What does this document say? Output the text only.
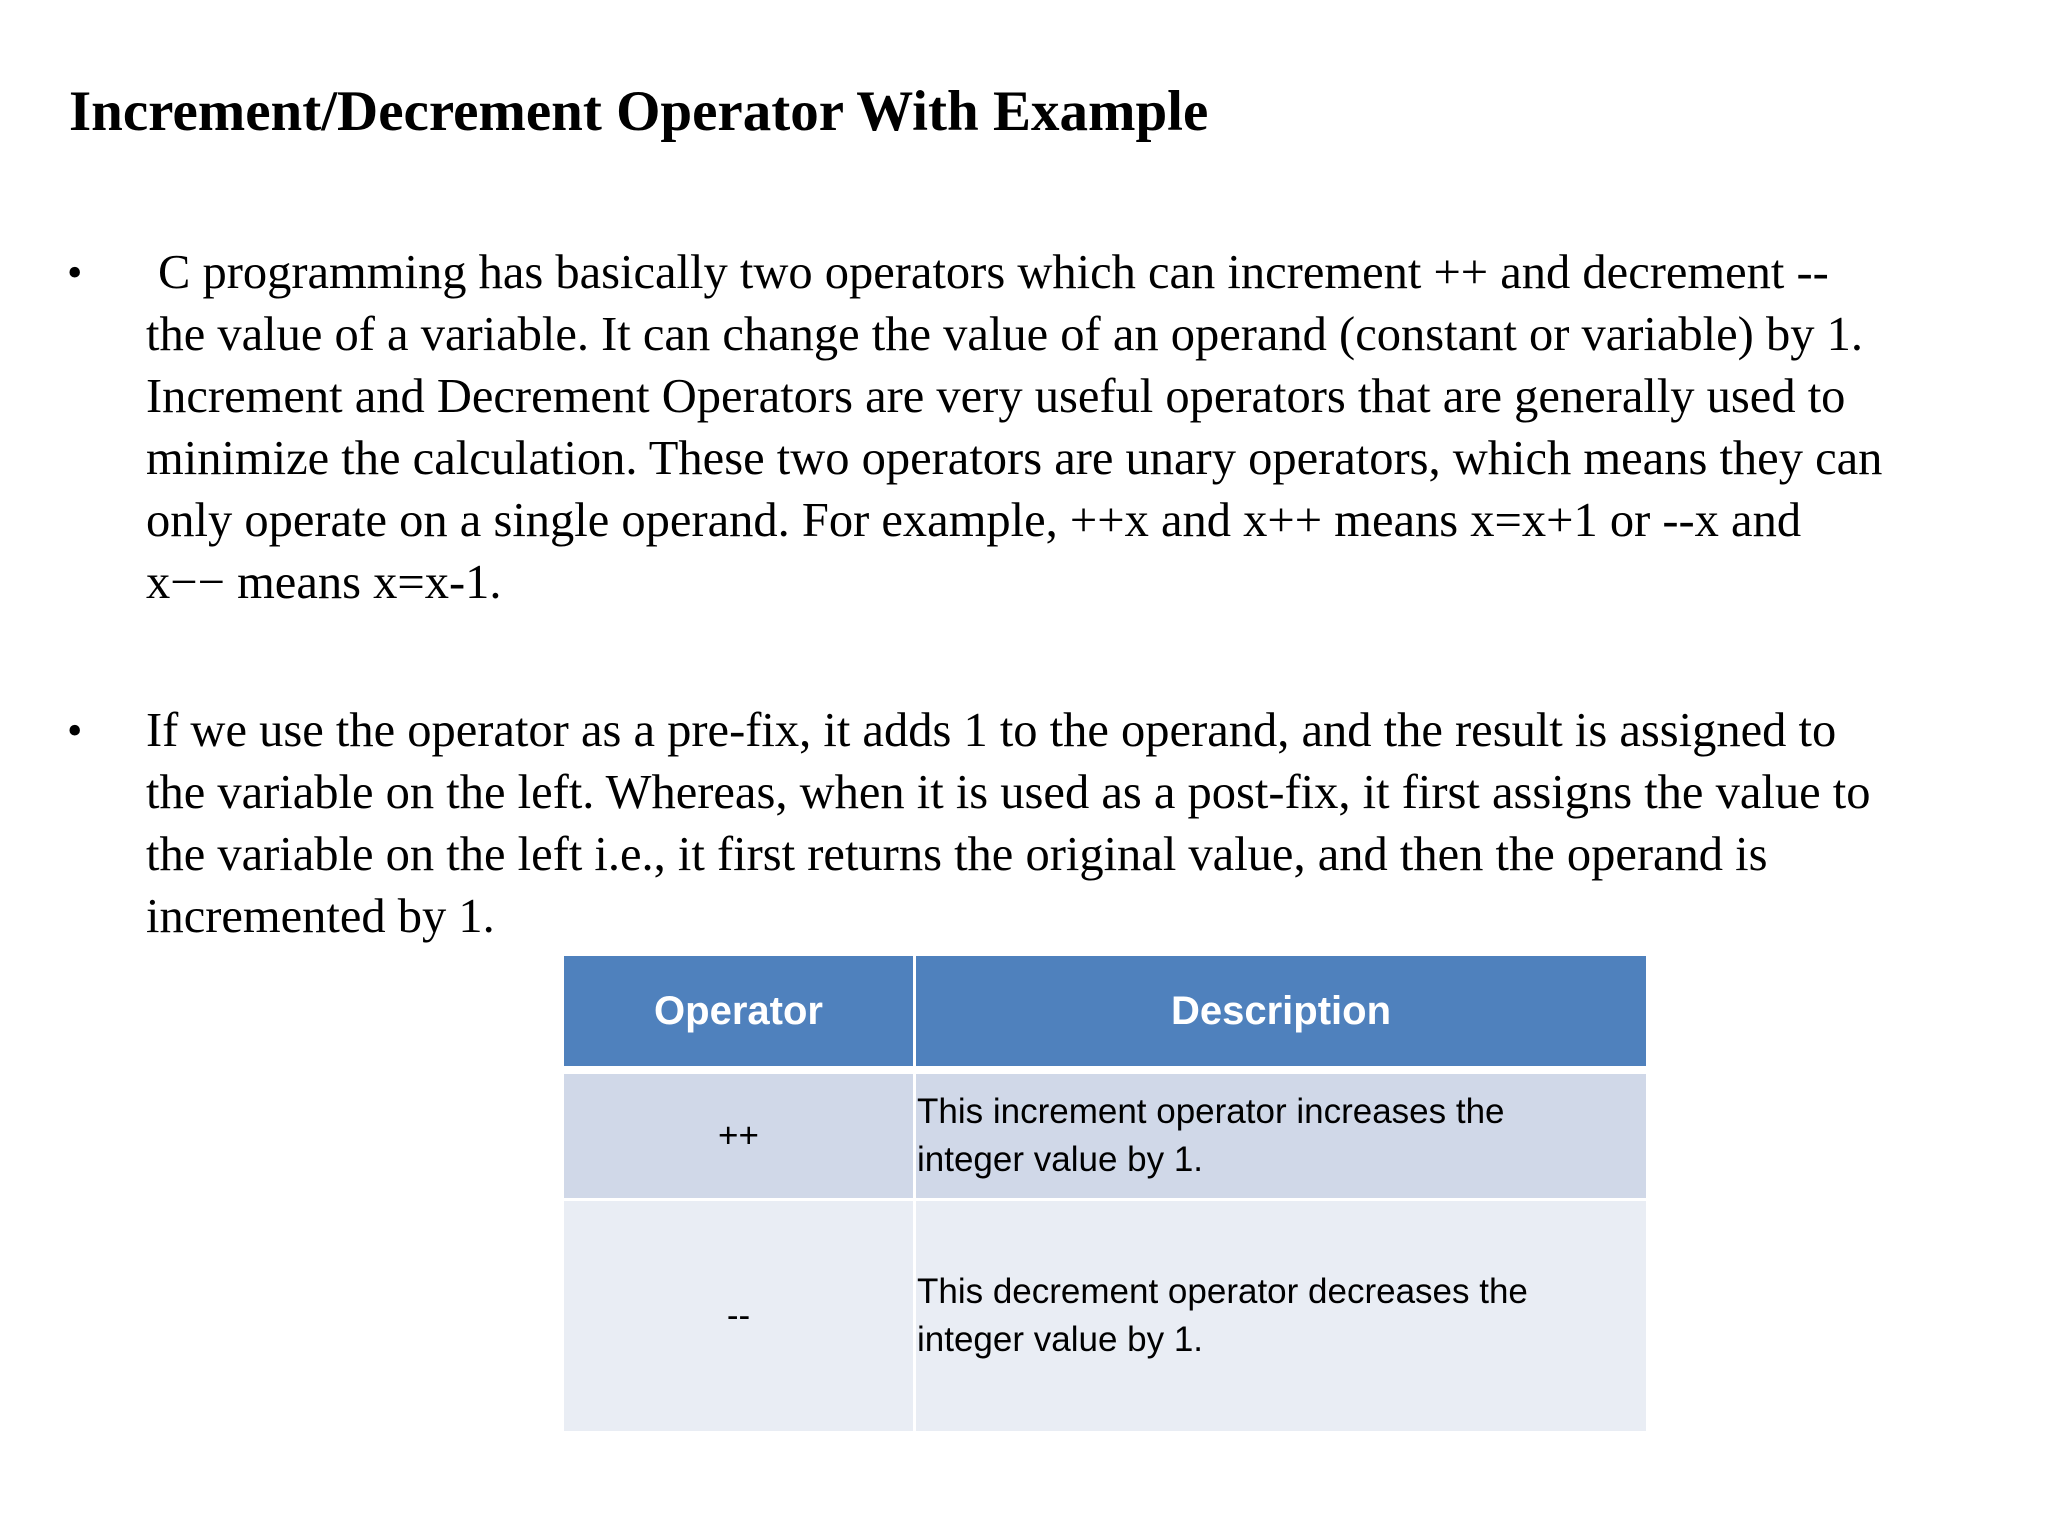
Increment/Decrement Operator With Example
• C programming has basically two operators which can increment ++ and decrement --
the value of a variable. It can change the value of an operand (constant or variable) by 1.
Increment and Decrement Operators are very useful operators that are generally used to
minimize the calculation. These two operators are unary operators, which means they can
only operate on a single operand. For example, ++x and x++ means x=x+1 or --x and
x−− means x=x-1.
• If we use the operator as a pre-fix, it adds 1 to the operand, and the result is assigned to
the variable on the left. Whereas, when it is used as a post-fix, it first assigns the value to
the variable on the left i.e., it first returns the original value, and then the operand is
incremented by 1.
Operator	Description
++	This increment operator increases the
integer value by 1.

--	This decrement operator decreases the
integer value by 1.
